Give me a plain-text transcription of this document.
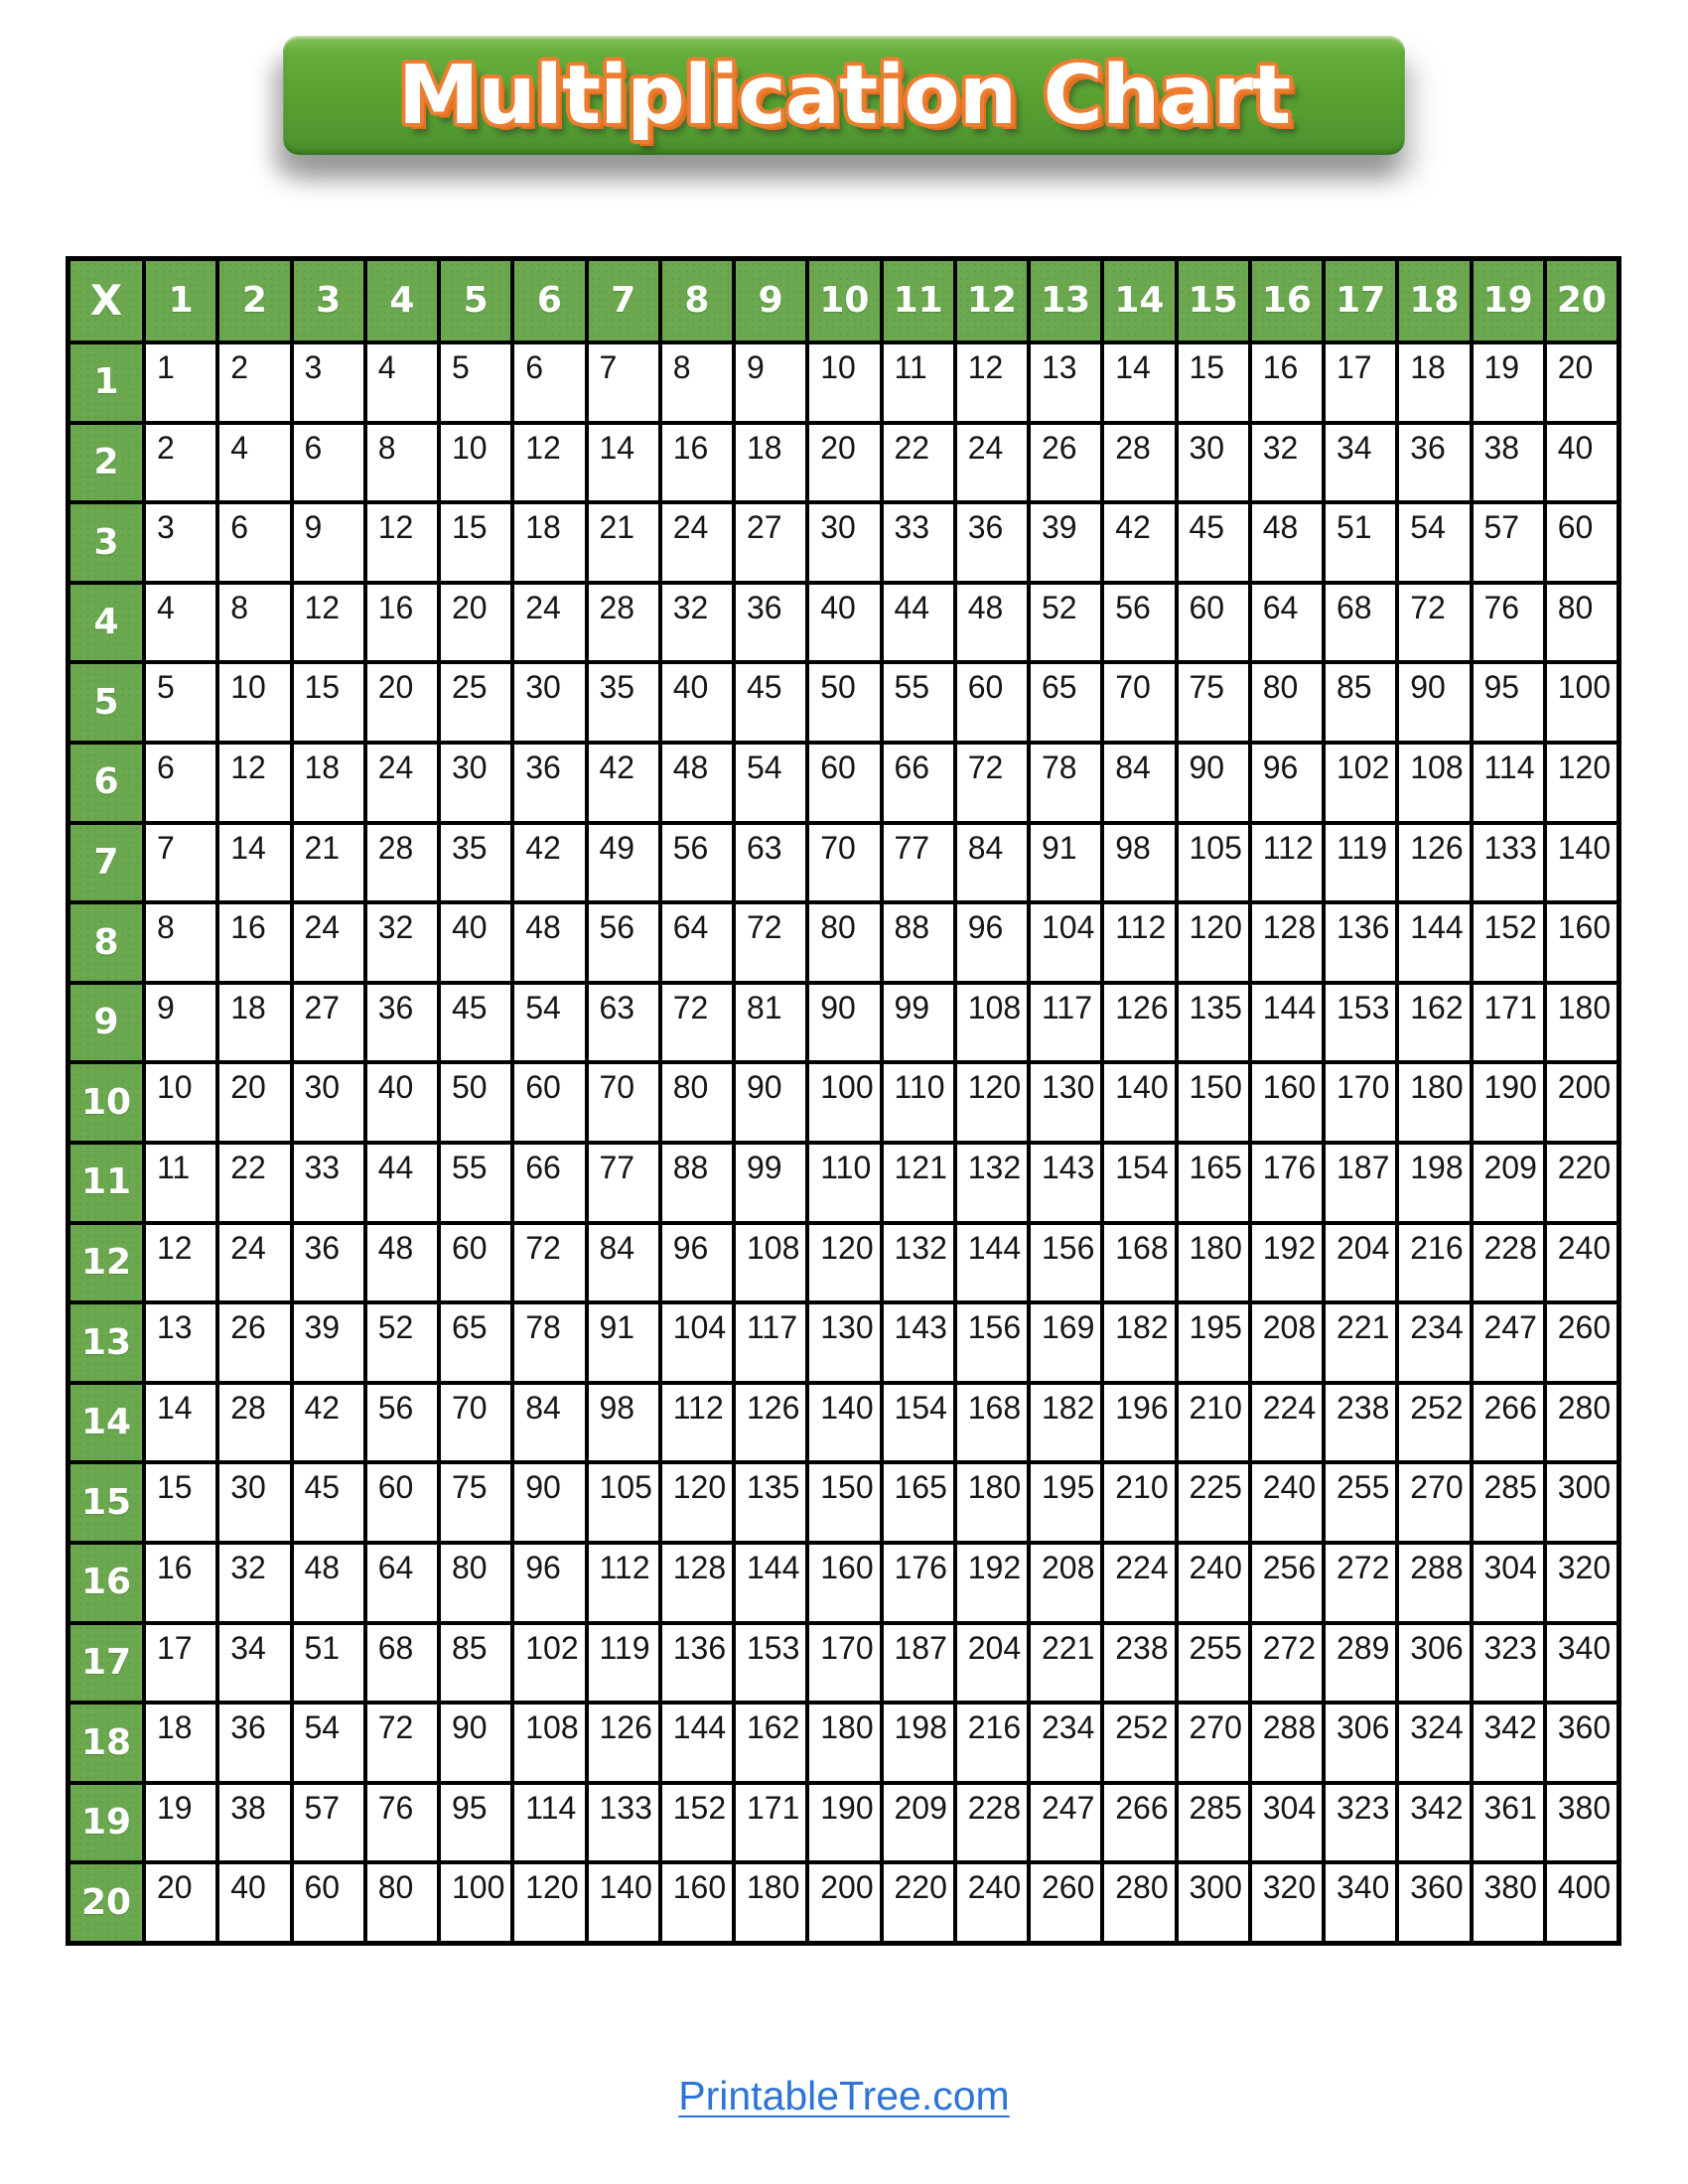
Multiplication Chart
X	1	2	3	4	5	6	7	8	9	10 11 12 13 14 15 16 17 18 19 20
1	1	2	3	4	5	6	7	8	9	10	11	12	13	14	15	16	17	18	19	20
2	2	4	6	8	10	12	14	16	18	20	22	24	26	28	30	32	34	36	38	40
3	3	6	9	12	15	18	21	24	27	30	33	36	39	42	45	48	51	54	57	60
4	4	8	12	16	20	24	28	32	36	40	44	48	52	56	60	64	68	72	76	80
5	5	10	15	20	25	30	35	40	45	50	55	60	65	70	75	80	85	90	95	100
6	6	12	18	24	30	36	42	48	54	60	66	72	78	84	90	96	102 108 114 120
7	7	14	21	28	35	42	49	56	63	70	77	84	91	98	105 112 119 126 133 140
8	8	16	24	32	40	48	56	64	72	80	88	96	104 112 120 128 136 144 152 160
9	9	18	27	36	45	54	63	72	81	90	99	108 117 126 135 144 153 162 171 180
10 10	20	30	40	50	60	70	80	90	100 110 120 130 140 150 160 170 180 190 200
11 11	22	33	44	55	66	77	88	99	110 121 132 143 154 165 176 187 198 209 220
12 12	24	36	48	60	72	84	96	108 120 132 144 156 168 180 192 204 216 228 240
13 13	26	39	52	65	78	91	104 117 130 143 156 169 182 195 208 221 234 247 260
14 14	28	42	56	70	84	98	112 126 140 154 168 182 196 210 224 238 252 266 280
15 15	30	45	60	75	90	105 120 135 150 165 180 195 210 225 240 255 270 285 300
16 16	32	48	64	80	96	112 128 144 160 176 192 208 224 240 256 272 288 304 320
17 17	34	51	68	85	102 119 136 153 170 187 204 221 238 255 272 289 306 323 340
18 18	36	54	72	90	108 126 144 162 180 198 216 234 252 270 288 306 324 342 360
19 19	38	57	76	95	114 133 152 171 190 209 228 247 266 285 304 323 342 361 380
20 20	40	60	80	100 120 140 160 180 200 220 240 260 280 300 320 340 360 380 400
PrintableTree.com
